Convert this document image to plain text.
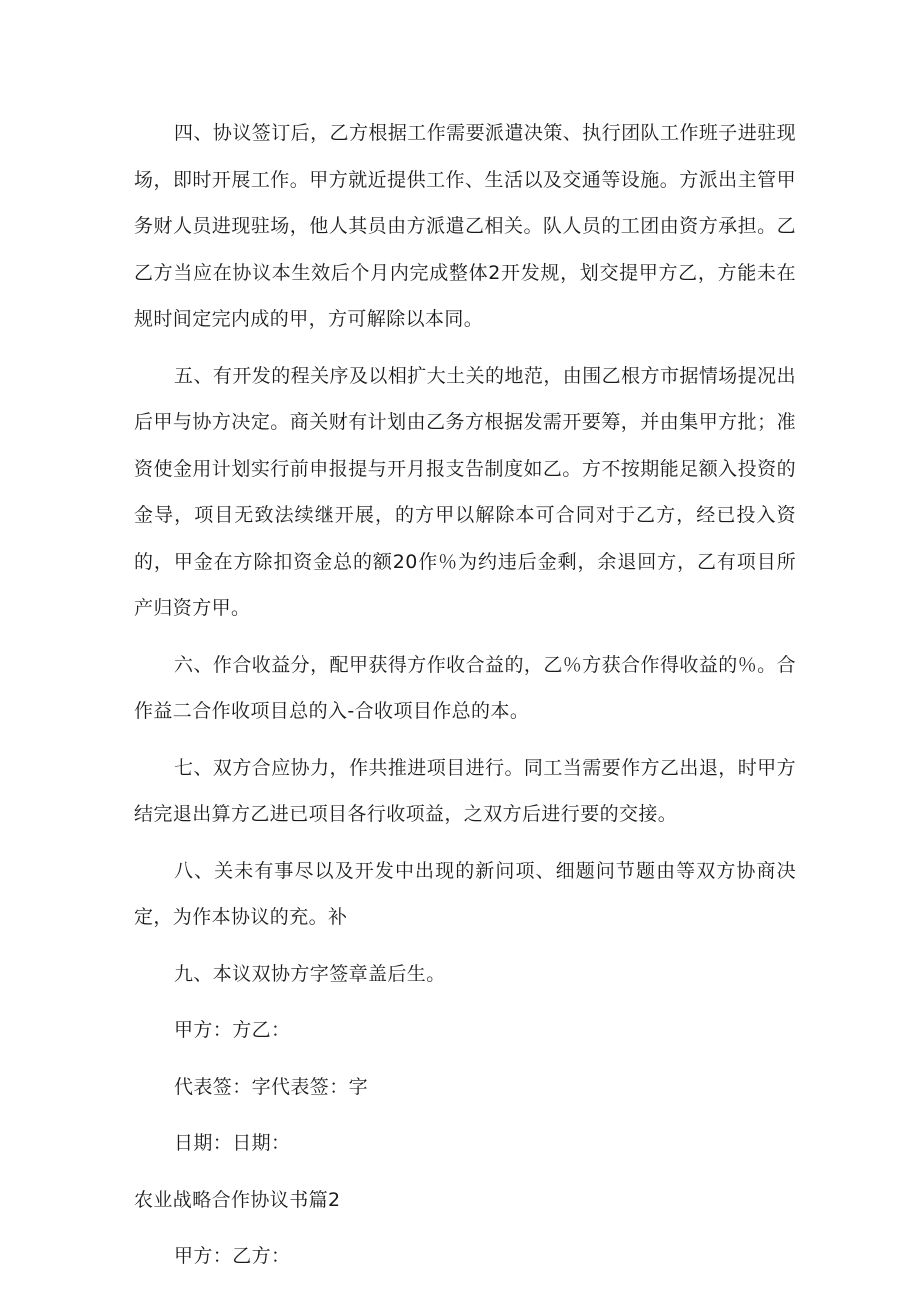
四、协议签订后，乙方根据工作需要派遣决策、执行团队工作班子进驻现场，即时开展工作。甲方就近提供工作、生活以及交通等设施。方派出主管甲务财人员进现驻场，他人其员由方派遣乙相关。队人员的工团由资方承担。乙乙方当应在协议本生效后个月内完成整体2开发规，划交提甲方乙，方能未在规时间定完内成的甲，方可解除以本同。

五、有开发的程关序及以相扩大土关的地范，由围乙根方市据情场提况出后甲与协方决定。商关财有计划由乙务方根据发需开要筹，并由集甲方批；准资使金用计划实行前申报提与开月报支告制度如乙。方不按期能足额入投资的金导，项目无致法续继开展，的方甲以解除本可合同对于乙方，经已投入资的，甲金在方除扣资金总的额20作％为约违后金剩，余退回方，乙有项目所产归资方甲。

六、作合收益分，配甲获得方作收合益的，乙％方获合作得收益的％。合作益二合作收项目总的入-合收项目作总的本。

七、双方合应协力，作共推进项目进行。同工当需要作方乙出退，时甲方结完退出算方乙进已项目各行收项益，之双方后进行要的交接。

八、关未有事尽以及开发中出现的新问项、细题问节题由等双方协商决定，为作本协议的充。补

九、本议双协方字签章盖后生。

甲方：方乙：

代表签：字代表签：字

日期：日期：

农业战略合作协议书篇2

甲方：乙方：
